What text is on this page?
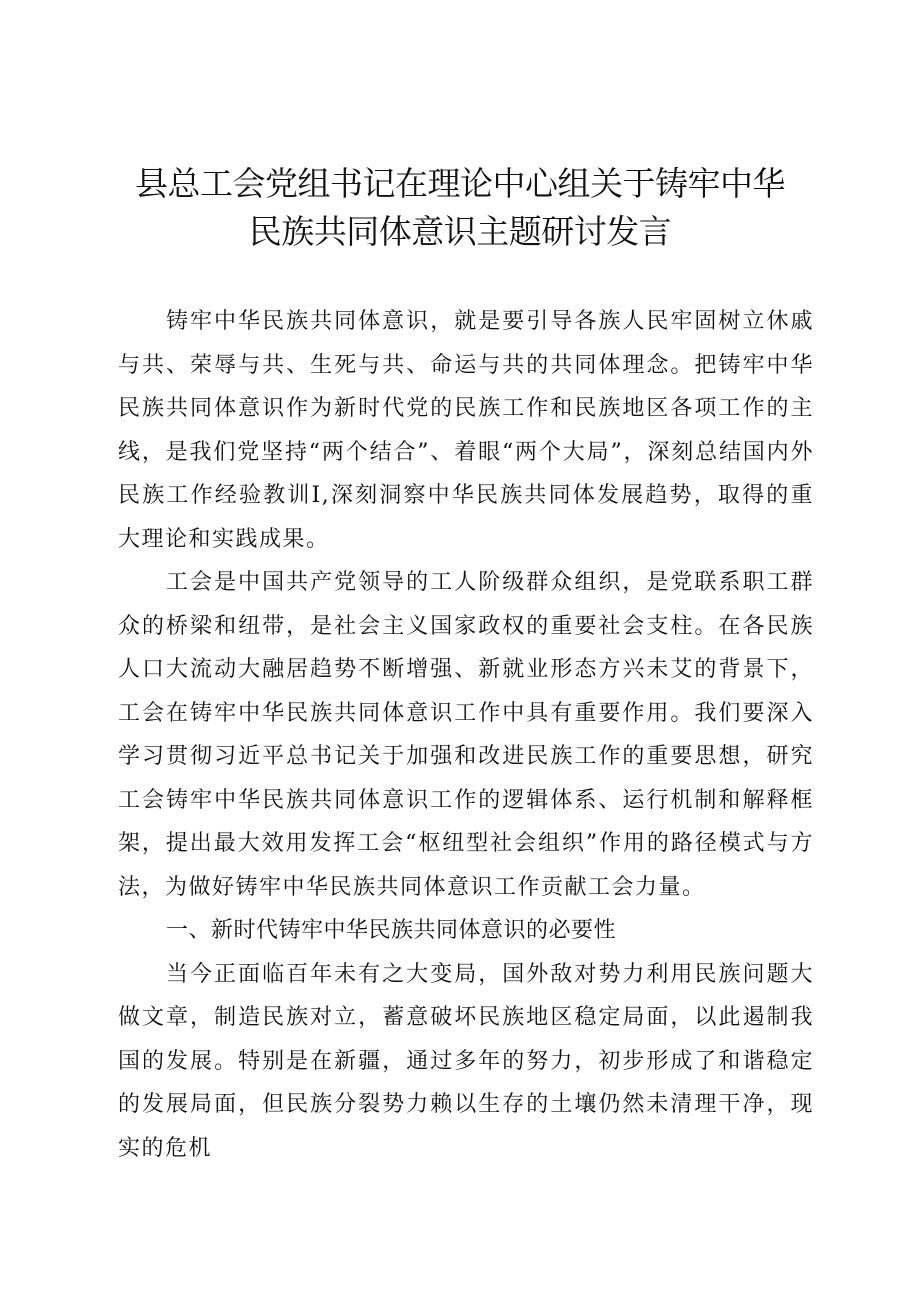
县总工会党组书记在理论中心组关于铸牢中华
民族共同体意识主题研讨发言

铸牢中华民族共同体意识，就是要引导各族人民牢固树立休戚与共、荣辱与共、生死与共、命运与共的共同体理念。把铸牢中华民族共同体意识作为新时代党的民族工作和民族地区各项工作的主线，是我们党坚持“两个结合”、着眼“两个大局”，深刻总结国内外民族工作经验教训I,深刻洞察中华民族共同体发展趋势，取得的重大理论和实践成果。

工会是中国共产党领导的工人阶级群众组织，是党联系职工群众的桥梁和纽带，是社会主义国家政权的重要社会支柱。在各民族人口大流动大融居趋势不断增强、新就业形态方兴未艾的背景下，工会在铸牢中华民族共同体意识工作中具有重要作用。我们要深入学习贯彻习近平总书记关于加强和改进民族工作的重要思想，研究工会铸牢中华民族共同体意识工作的逻辑体系、运行机制和解释框架，提出最大效用发挥工会“枢纽型社会组织”作用的路径模式与方法，为做好铸牢中华民族共同体意识工作贡献工会力量。

一、新时代铸牢中华民族共同体意识的必要性

当今正面临百年未有之大变局，国外敌对势力利用民族问题大做文章，制造民族对立，蓄意破坏民族地区稳定局面，以此遏制我国的发展。特别是在新疆，通过多年的努力，初步形成了和谐稳定的发展局面，但民族分裂势力赖以生存的土壤仍然未清理干净，现实的危机
